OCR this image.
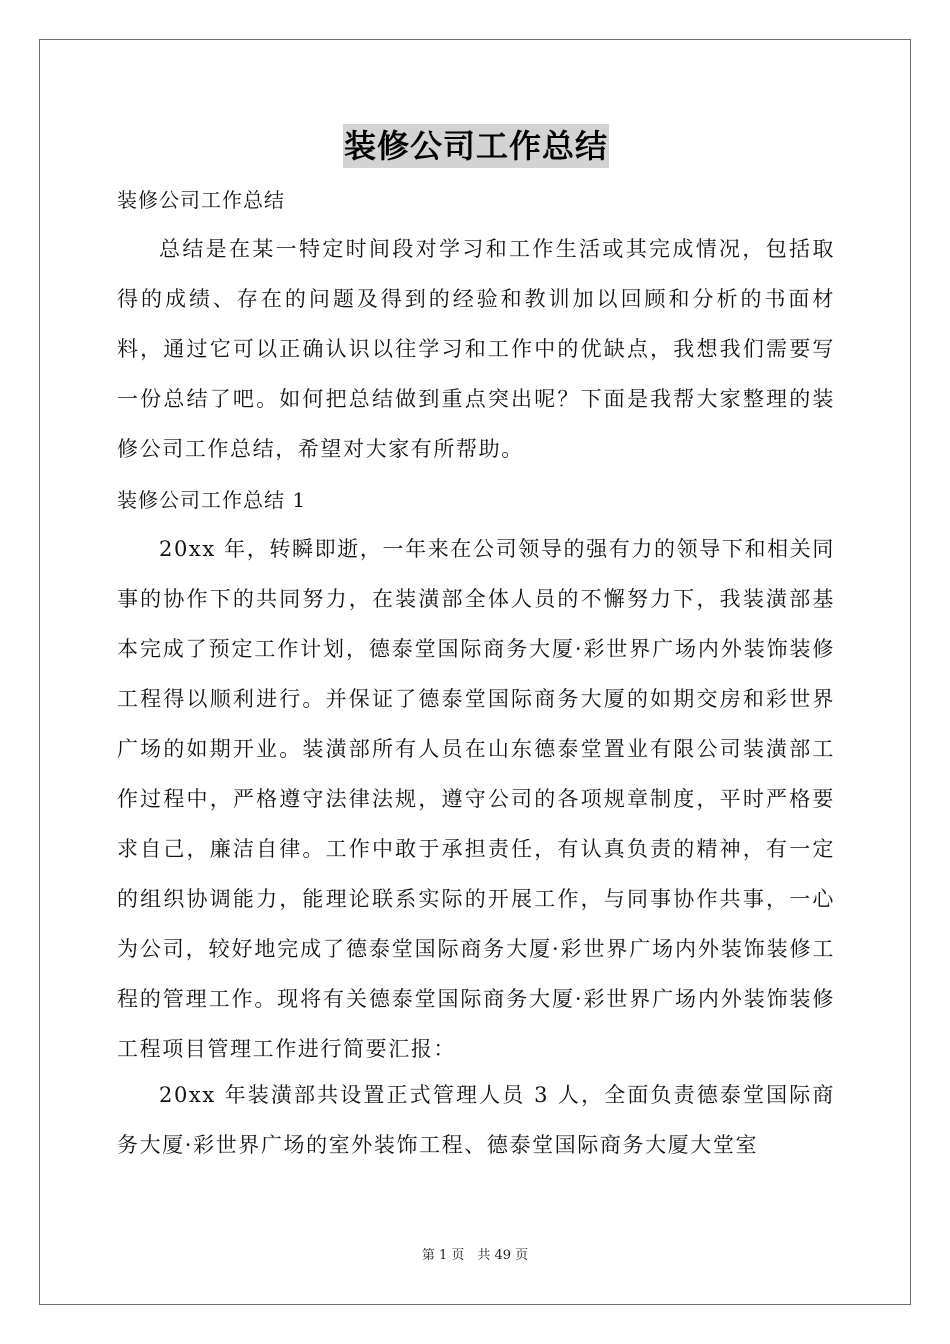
装修公司工作总结
装修公司工作总结
总结是在某一特定时间段对学习和工作生活或其完成情况，包括取得的成绩、存在的问题及得到的经验和教训加以回顾和分析的书面材料，通过它可以正确认识以往学习和工作中的优缺点，我想我们需要写一份总结了吧。如何把总结做到重点突出呢？下面是我帮大家整理的装修公司工作总结，希望对大家有所帮助。
装修公司工作总结 1
20xx 年，转瞬即逝，一年来在公司领导的强有力的领导下和相关同事的协作下的共同努力，在装潢部全体人员的不懈努力下，我装潢部基本完成了预定工作计划，德泰堂国际商务大厦·彩世界广场内外装饰装修工程得以顺利进行。并保证了德泰堂国际商务大厦的如期交房和彩世界广场的如期开业。装潢部所有人员在山东德泰堂置业有限公司装潢部工作过程中，严格遵守法律法规，遵守公司的各项规章制度，平时严格要求自己，廉洁自律。工作中敢于承担责任，有认真负责的精神，有一定的组织协调能力，能理论联系实际的开展工作，与同事协作共事，一心为公司，较好地完成了德泰堂国际商务大厦·彩世界广场内外装饰装修工程的管理工作。现将有关德泰堂国际商务大厦·彩世界广场内外装饰装修工程项目管理工作进行简要汇报：
20xx 年装潢部共设置正式管理人员 3 人，全面负责德泰堂国际商务大厦·彩世界广场的室外装饰工程、德泰堂国际商务大厦大堂室
第 1 页　共 49 页
